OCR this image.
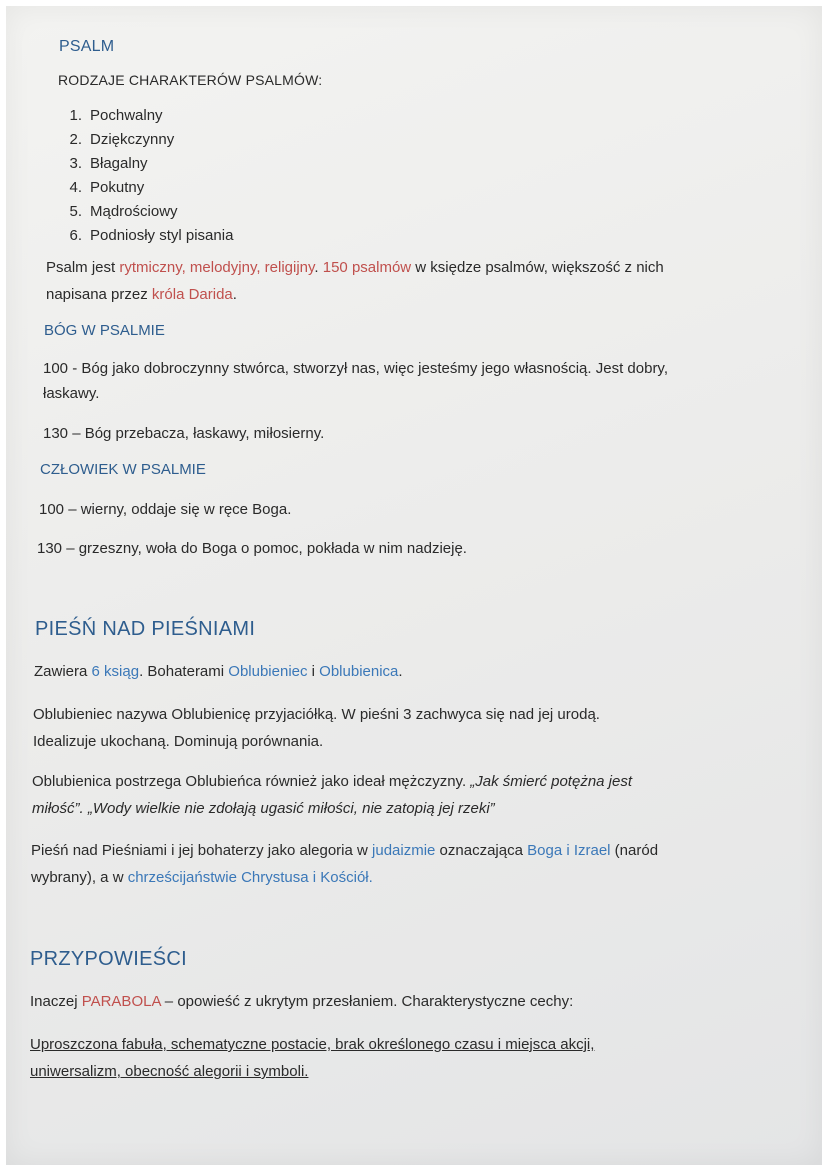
PSALM
RODZAJE CHARAKTERÓW PSALMÓW:
1. Pochwalny
2. Dziękczynny
3. Błagalny
4. Pokutny
5. Mądrościowy
6. Podniosły styl pisania
Psalm jest rytmiczny, melodyjny, religijny. 150 psalmów w księdze psalmów, większość z nich
napisana przez króla Darida.
BÓG W PSALMIE
100 - Bóg jako dobroczynny stwórca, stworzył nas, więc jesteśmy jego własnością. Jest dobry,
łaskawy.
130 – Bóg przebacza, łaskawy, miłosierny.
CZŁOWIEK W PSALMIE
100 – wierny, oddaje się w ręce Boga.
130 – grzeszny, woła do Boga o pomoc, pokłada w nim nadzieję.
PIEŚŃ NAD PIEŚNIAMI
Zawiera 6 ksiąg. Bohaterami Oblubieniec i Oblubienica.
Oblubieniec nazywa Oblubienicę przyjaciółką. W pieśni 3 zachwyca się nad jej urodą.
Idealizuje ukochaną. Dominują porównania.
Oblubienica postrzega Oblubieńca również jako ideał mężczyzny. „Jak śmierć potężna jest
miłość”. „Wody wielkie nie zdołają ugasić miłości, nie zatopią jej rzeki”
Pieśń nad Pieśniami i jej bohaterzy jako alegoria w judaizmie oznaczająca Boga i Izrael (naród
wybrany), a w chrześcijaństwie Chrystusa i Kościół.
PRZYPOWIEŚCI
Inaczej PARABOLA – opowieść z ukrytym przesłaniem. Charakterystyczne cechy:
Uproszczona fabuła, schematyczne postacie, brak określonego czasu i miejsca akcji,
uniwersalizm, obecność alegorii i symboli.
